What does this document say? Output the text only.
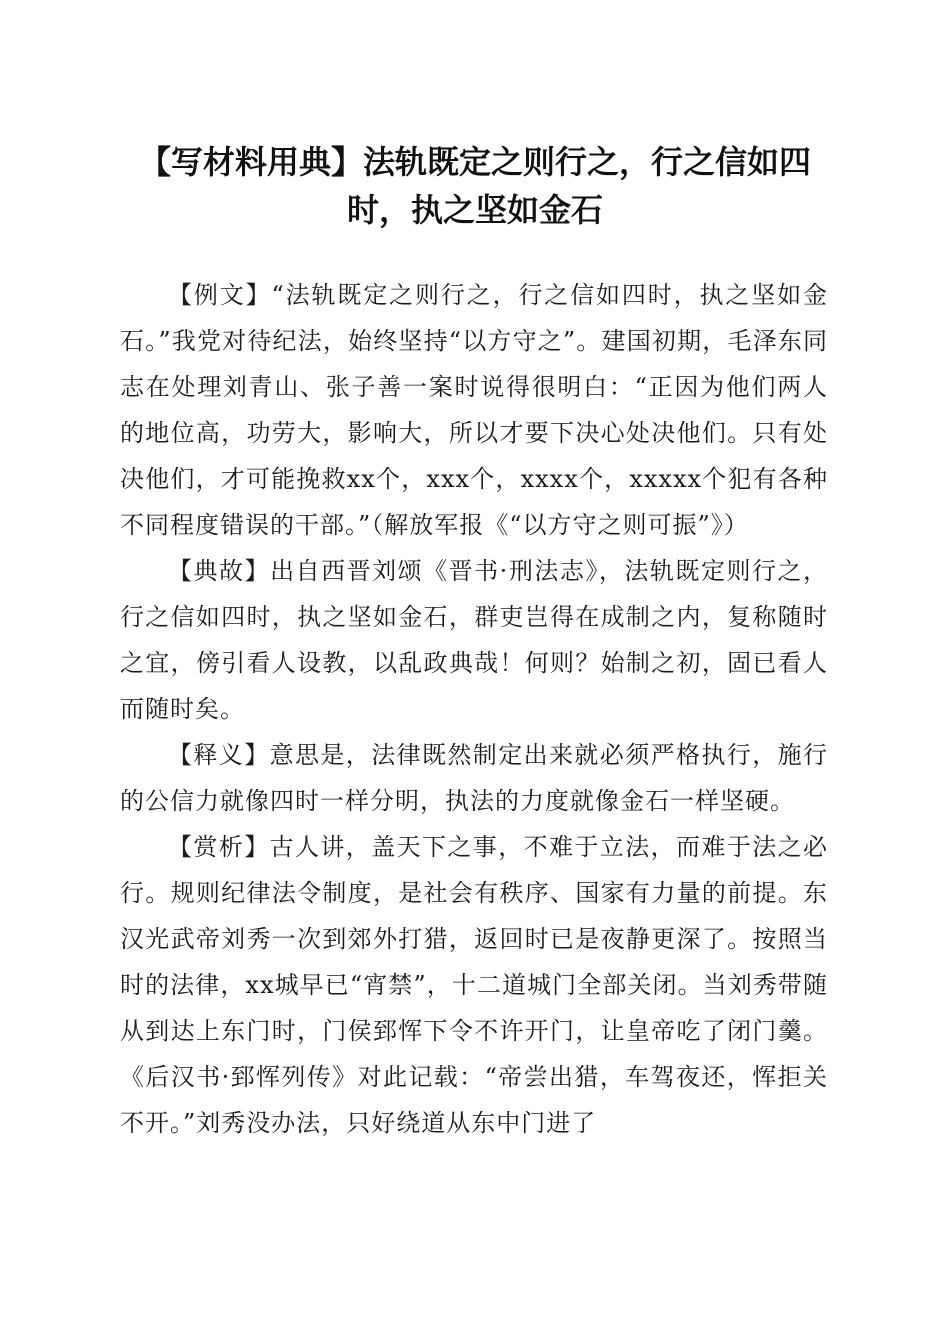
【写材料用典】法轨既定之则行之，行之信如四时，执之坚如金石

【例文】“法轨既定之则行之，行之信如四时，执之坚如金石。”我党对待纪法，始终坚持“以方守之”。建国初期，毛泽东同志在处理刘青山、张子善一案时说得很明白：“正因为他们两人的地位高，功劳大，影响大，所以才要下决心处决他们。只有处决他们，才可能挽救xx个，xxx个，xxxx个，xxxxx个犯有各种不同程度错误的干部。”（解放军报《“以方守之则可振”》）

【典故】出自西晋刘颂《晋书·刑法志》，法轨既定则行之，行之信如四时，执之坚如金石，群吏岂得在成制之内，复称随时之宜，傍引看人设教，以乱政典哉！何则？始制之初，固已看人而随时矣。

【释义】意思是，法律既然制定出来就必须严格执行，施行的公信力就像四时一样分明，执法的力度就像金石一样坚硬。

【赏析】古人讲，盖天下之事，不难于立法，而难于法之必行。规则纪律法令制度，是社会有秩序、国家有力量的前提。东汉光武帝刘秀一次到郊外打猎，返回时已是夜静更深了。按照当时的法律，xx城早已“宵禁”，十二道城门全部关闭。当刘秀带随从到达上东门时，门侯郅恽下令不许开门，让皇帝吃了闭门羹。《后汉书·郅恽列传》对此记载：“帝尝出猎，车驾夜还，恽拒关不开。”刘秀没办法，只好绕道从东中门进了
